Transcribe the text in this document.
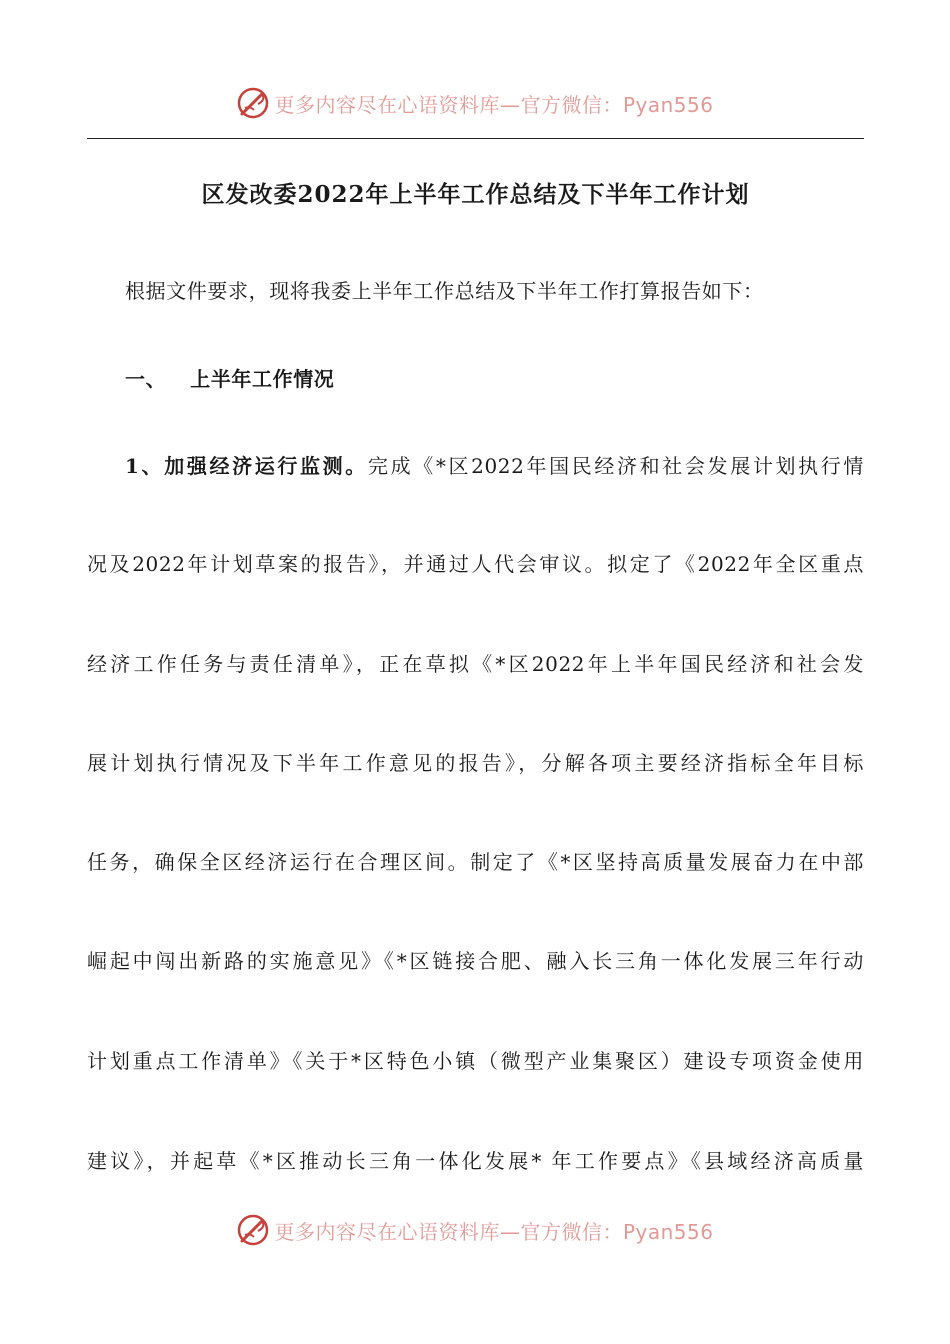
更多内容尽在心语资料库—官方微信：Pyan556
区发改委2022年上半年工作总结及下半年工作计划
根据文件要求，现将我委上半年工作总结及下半年工作打算报告如下：
一、 上半年工作情况
1、加强经济运行监测。完成《*区2022年国民经济和社会发展计划执行情
况及2022年计划草案的报告》，并通过人代会审议。拟定了《2022年全区重点
经济工作任务与责任清单》，正在草拟《*区2022年上半年国民经济和社会发
展计划执行情况及下半年工作意见的报告》，分解各项主要经济指标全年目标
任务，确保全区经济运行在合理区间。制定了《*区坚持高质量发展奋力在中部
崛起中闯出新路的实施意见》《*区链接合肥、融入长三角一体化发展三年行动
计划重点工作清单》《关于*区特色小镇（微型产业集聚区）建设专项资金使用
建议》，并起草《*区推动长三角一体化发展* 年工作要点》《县域经济高质量
更多内容尽在心语资料库—官方微信：Pyan556
